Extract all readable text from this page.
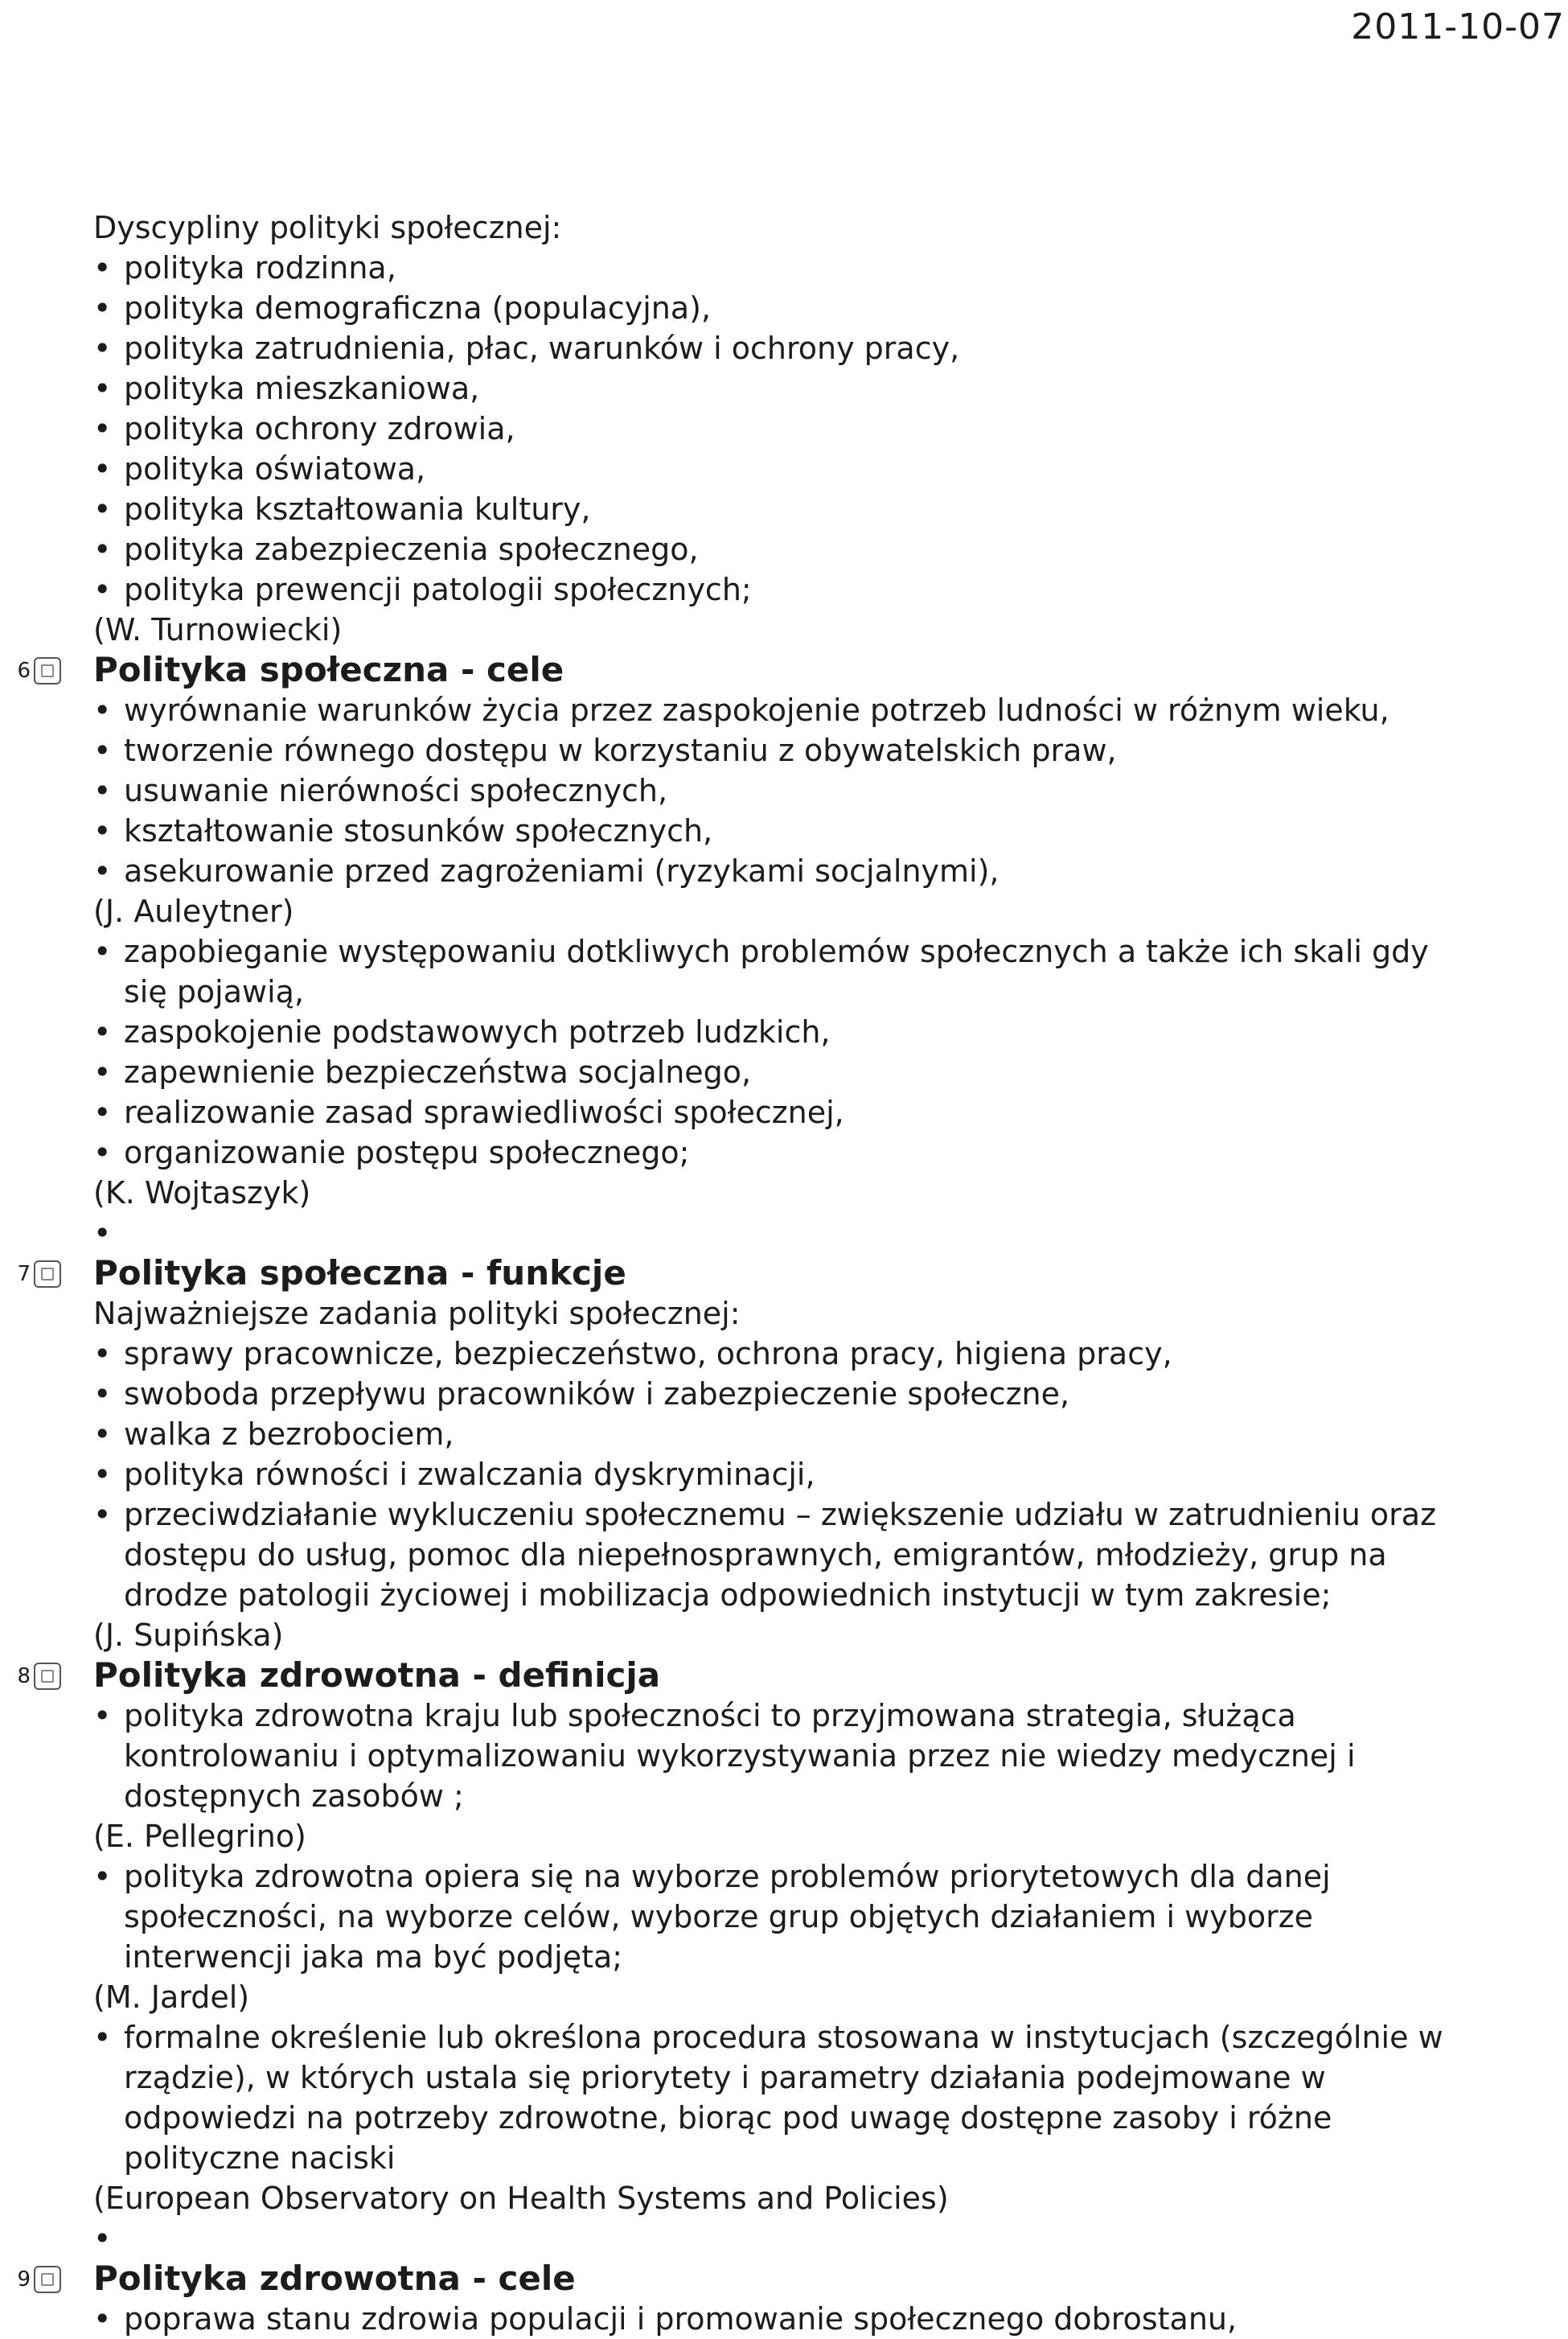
2011-10-07
Dyscypliny polityki społecznej:
• polityka rodzinna,
• polityka demograficzna (populacyjna),
• polityka zatrudnienia, płac, warunków i ochrony pracy,
• polityka mieszkaniowa,
• polityka ochrony zdrowia,
• polityka oświatowa,
• polityka kształtowania kultury,
• polityka zabezpieczenia społecznego,
• polityka prewencji patologii społecznych;
(W. Turnowiecki)
6 Polityka społeczna - cele
• wyrównanie warunków życia przez zaspokojenie potrzeb ludności w różnym wieku,
• tworzenie równego dostępu w korzystaniu z obywatelskich praw,
• usuwanie nierówności społecznych,
• kształtowanie stosunków społecznych,
• asekurowanie przed zagrożeniami (ryzykami socjalnymi),
(J. Auleytner)
• zapobieganie występowaniu dotkliwych problemów społecznych a także ich skali gdy
się pojawią,
• zaspokojenie podstawowych potrzeb ludzkich,
• zapewnienie bezpieczeństwa socjalnego,
• realizowanie zasad sprawiedliwości społecznej,
• organizowanie postępu społecznego;
(K. Wojtaszyk)
•
7 Polityka społeczna - funkcje
Najważniejsze zadania polityki społecznej:
• sprawy pracownicze, bezpieczeństwo, ochrona pracy, higiena pracy,
• swoboda przepływu pracowników i zabezpieczenie społeczne,
• walka z bezrobociem,
• polityka równości i zwalczania dyskryminacji,
• przeciwdziałanie wykluczeniu społecznemu – zwiększenie udziału w zatrudnieniu oraz
dostępu do usług, pomoc dla niepełnosprawnych, emigrantów, młodzieży, grup na
drodze patologii życiowej i mobilizacja odpowiednich instytucji w tym zakresie;
(J. Supińska)
8 Polityka zdrowotna - definicja
• polityka zdrowotna kraju lub społeczności to przyjmowana strategia, służąca
kontrolowaniu i optymalizowaniu wykorzystywania przez nie wiedzy medycznej i
dostępnych zasobów ;
(E. Pellegrino)
• polityka zdrowotna opiera się na wyborze problemów priorytetowych dla danej
społeczności, na wyborze celów, wyborze grup objętych działaniem i wyborze
interwencji jaka ma być podjęta;
(M. Jardel)
• formalne określenie lub określona procedura stosowana w instytucjach (szczególnie w
rządzie), w których ustala się priorytety i parametry działania podejmowane w
odpowiedzi na potrzeby zdrowotne, biorąc pod uwagę dostępne zasoby i różne
polityczne naciski
(European Observatory on Health Systems and Policies)
•
9 Polityka zdrowotna - cele
• poprawa stanu zdrowia populacji i promowanie społecznego dobrostanu,
